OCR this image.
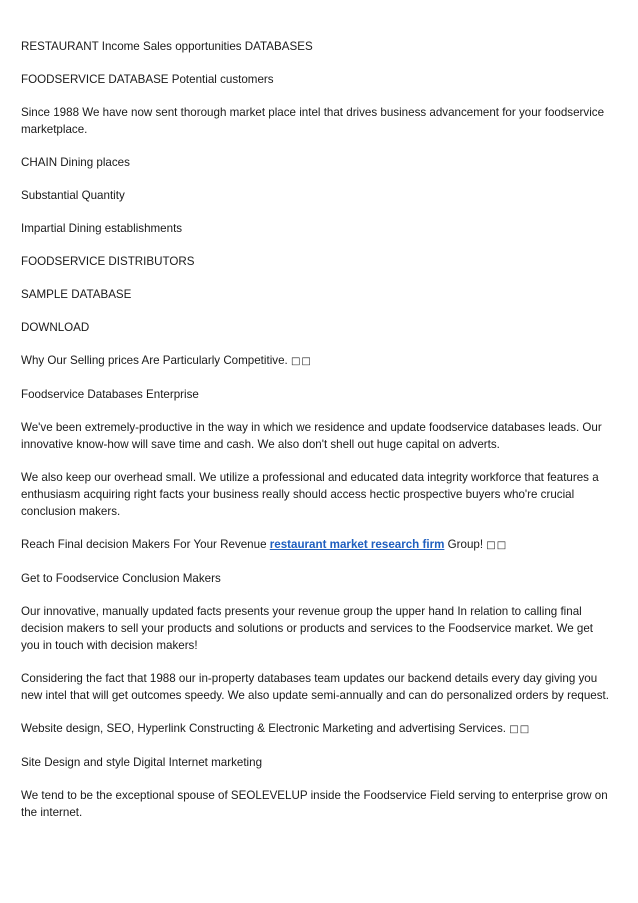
RESTAURANT Income Sales opportunities DATABASES

FOODSERVICE DATABASE Potential customers

Since 1988 We have now sent thorough market place intel that drives business advancement for your foodservice marketplace.

CHAIN Dining places

Substantial Quantity

Impartial Dining establishments

FOODSERVICE DISTRIBUTORS

SAMPLE DATABASE

DOWNLOAD

Why Our Selling prices Are Particularly Competitive. □□

Foodservice Databases Enterprise

We've been extremely-productive in the way in which we residence and update foodservice databases leads. Our innovative know-how will save time and cash. We also don't shell out huge capital on adverts.

We also keep our overhead small. We utilize a professional and educated data integrity workforce that features a enthusiasm acquiring right facts your business really should access hectic prospective buyers who're crucial conclusion makers.

Reach Final decision Makers For Your Revenue restaurant market research firm Group! □□

Get to Foodservice Conclusion Makers

Our innovative, manually updated facts presents your revenue group the upper hand In relation to calling final decision makers to sell your products and solutions or products and services to the Foodservice market. We get you in touch with decision makers!

Considering the fact that 1988 our in-property databases team updates our backend details every day giving you new intel that will get outcomes speedy. We also update semi-annually and can do personalized orders by request.

Website design, SEO, Hyperlink Constructing & Electronic Marketing and advertising Services. □□

Site Design and style Digital Internet marketing

We tend to be the exceptional spouse of SEOLEVELUP inside the Foodservice Field serving to enterprise grow on the internet.
